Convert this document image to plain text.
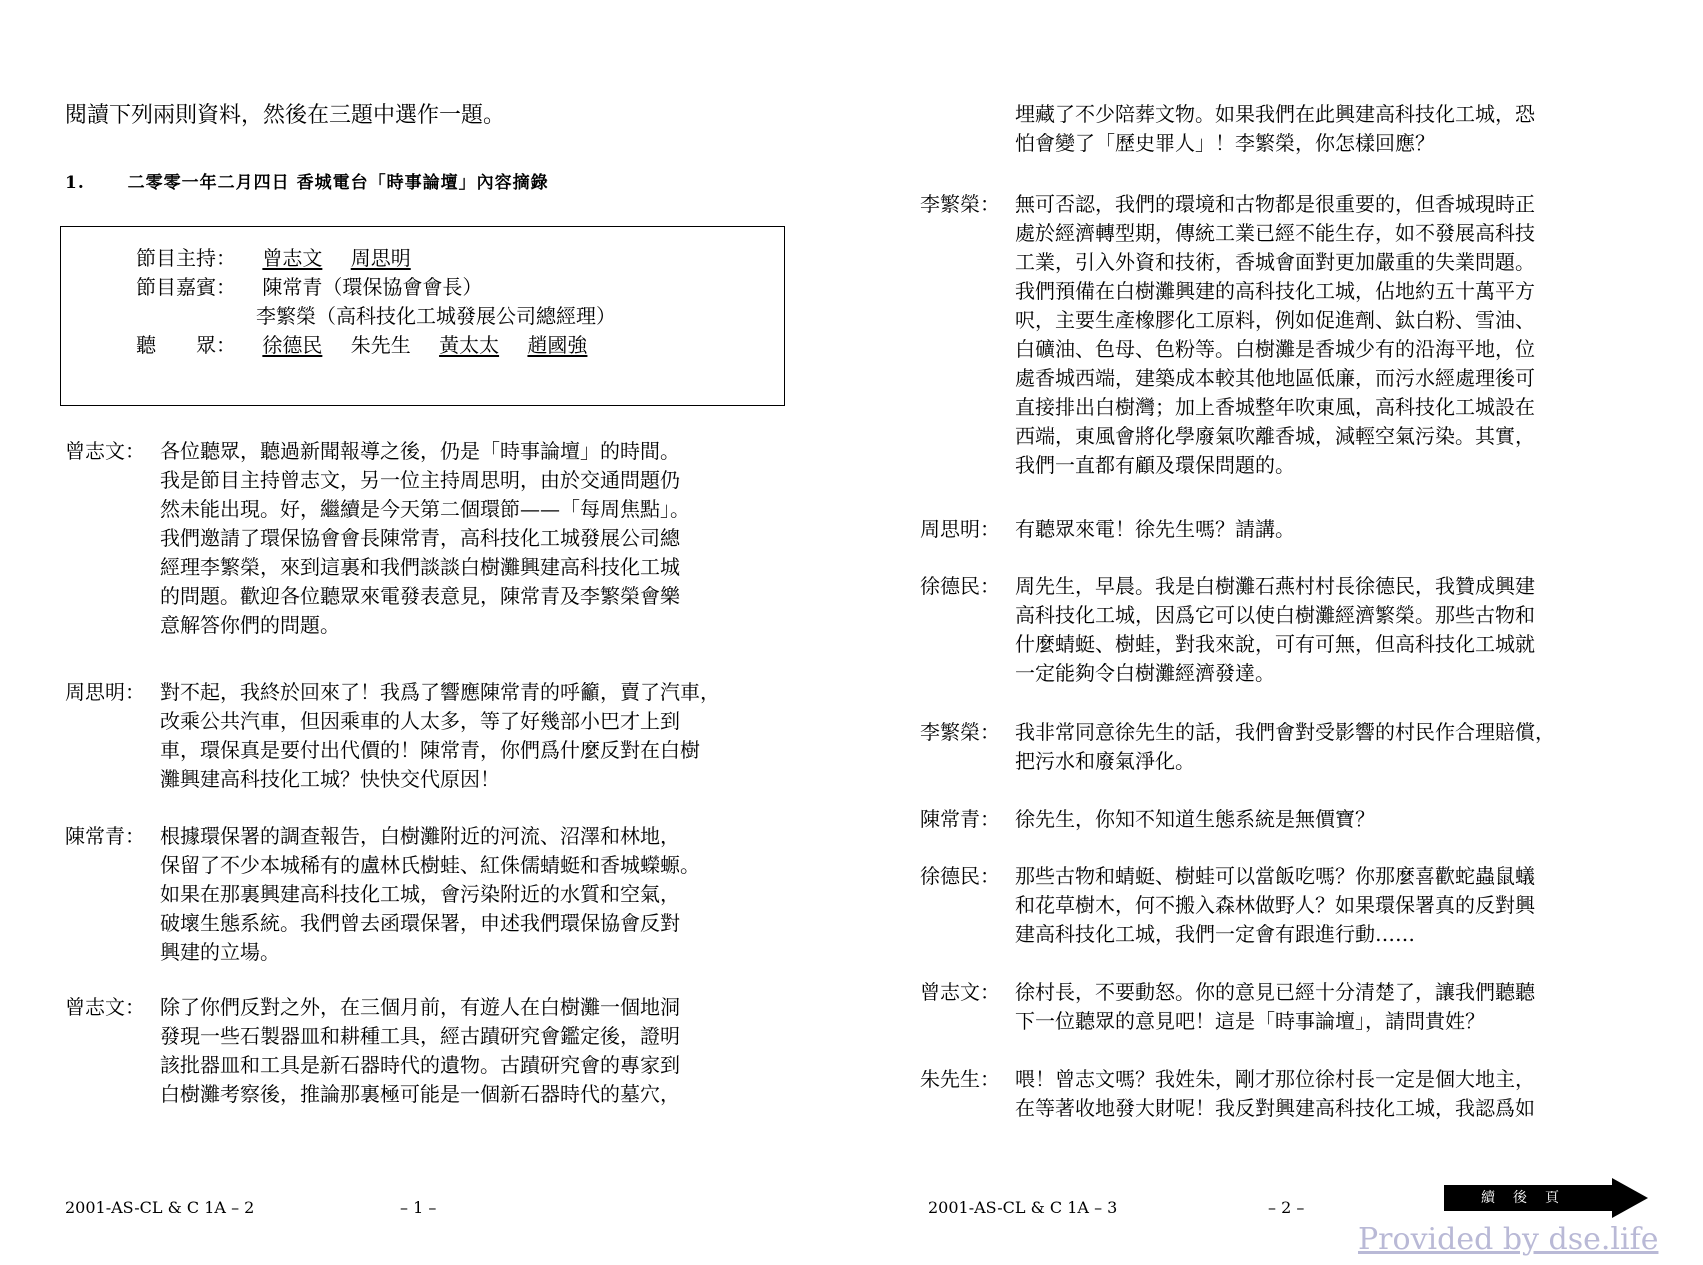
閱讀下列兩則資料，然後在三題中選作一題。
1.	二零零一年二月四日 香城電台「時事論壇」內容摘錄
節目主持： 曾志文 周思明
節目嘉賓： 陳常青（環保協會會長）
李繁榮（高科技化工城發展公司總經理）
聽　　眾： 徐德民 朱先生 黃太太 趙國強
曾志文： 各位聽眾，聽過新聞報導之後，仍是「時事論壇」的時間。
我是節目主持曾志文，另一位主持周思明，由於交通問題仍
然未能出現。好，繼續是今天第二個環節——「每周焦點」。
我們邀請了環保協會會長陳常青，高科技化工城發展公司總
經理李繁榮，來到這裏和我們談談白樹灘興建高科技化工城
的問題。歡迎各位聽眾來電發表意見，陳常青及李繁榮會樂
意解答你們的問題。
周思明： 對不起，我終於回來了！我爲了響應陳常青的呼籲，賣了汽車，
改乘公共汽車，但因乘車的人太多，等了好幾部小巴才上到
車，環保真是要付出代價的！陳常青，你們爲什麼反對在白樹
灘興建高科技化工城？快快交代原因！
陳常青： 根據環保署的調查報告，白樹灘附近的河流、沼澤和林地，
保留了不少本城稀有的盧林氏樹蛙、紅侏儒蜻蜓和香城蠑螈。
如果在那裏興建高科技化工城，會污染附近的水質和空氣，
破壞生態系統。我們曾去函環保署，申述我們環保協會反對
興建的立場。
曾志文： 除了你們反對之外，在三個月前，有遊人在白樹灘一個地洞
發現一些石製器皿和耕種工具，經古蹟研究會鑑定後，證明
該批器皿和工具是新石器時代的遺物。古蹟研究會的專家到
白樹灘考察後，推論那裏極可能是一個新石器時代的墓穴，
2001-AS-CL & C 1A – 2	– 1 –
埋藏了不少陪葬文物。如果我們在此興建高科技化工城，恐
怕會變了「歷史罪人」！李繁榮，你怎樣回應？
李繁榮： 無可否認，我們的環境和古物都是很重要的，但香城現時正
處於經濟轉型期，傳統工業已經不能生存，如不發展高科技
工業，引入外資和技術，香城會面對更加嚴重的失業問題。
我們預備在白樹灘興建的高科技化工城，佔地約五十萬平方
呎，主要生產橡膠化工原料，例如促進劑、鈦白粉、雪油、
白礦油、色母、色粉等。白樹灘是香城少有的沿海平地，位
處香城西端，建築成本較其他地區低廉，而污水經處理後可
直接排出白樹灣；加上香城整年吹東風，高科技化工城設在
西端，東風會將化學廢氣吹離香城，減輕空氣污染。其實，
我們一直都有顧及環保問題的。
周思明： 有聽眾來電！徐先生嗎？請講。
徐德民： 周先生，早晨。我是白樹灘石燕村村長徐德民，我贊成興建
高科技化工城，因爲它可以使白樹灘經濟繁榮。那些古物和
什麼蜻蜓、樹蛙，對我來說，可有可無，但高科技化工城就
一定能夠令白樹灘經濟發達。
李繁榮： 我非常同意徐先生的話，我們會對受影響的村民作合理賠償，
把污水和廢氣淨化。
陳常青： 徐先生，你知不知道生態系統是無價寶？
徐德民： 那些古物和蜻蜓、樹蛙可以當飯吃嗎？你那麼喜歡蛇蟲鼠蟻
和花草樹木，何不搬入森林做野人？如果環保署真的反對興
建高科技化工城，我們一定會有跟進行動……
曾志文： 徐村長，不要動怒。你的意見已經十分清楚了，讓我們聽聽
下一位聽眾的意見吧！這是「時事論壇」，請問貴姓？
朱先生： 喂！曾志文嗎？我姓朱，剛才那位徐村長一定是個大地主，
在等著收地發大財呢！我反對興建高科技化工城，我認爲如
2001-AS-CL & C 1A – 3	– 2 –	續後頁
Provided by dse.life
